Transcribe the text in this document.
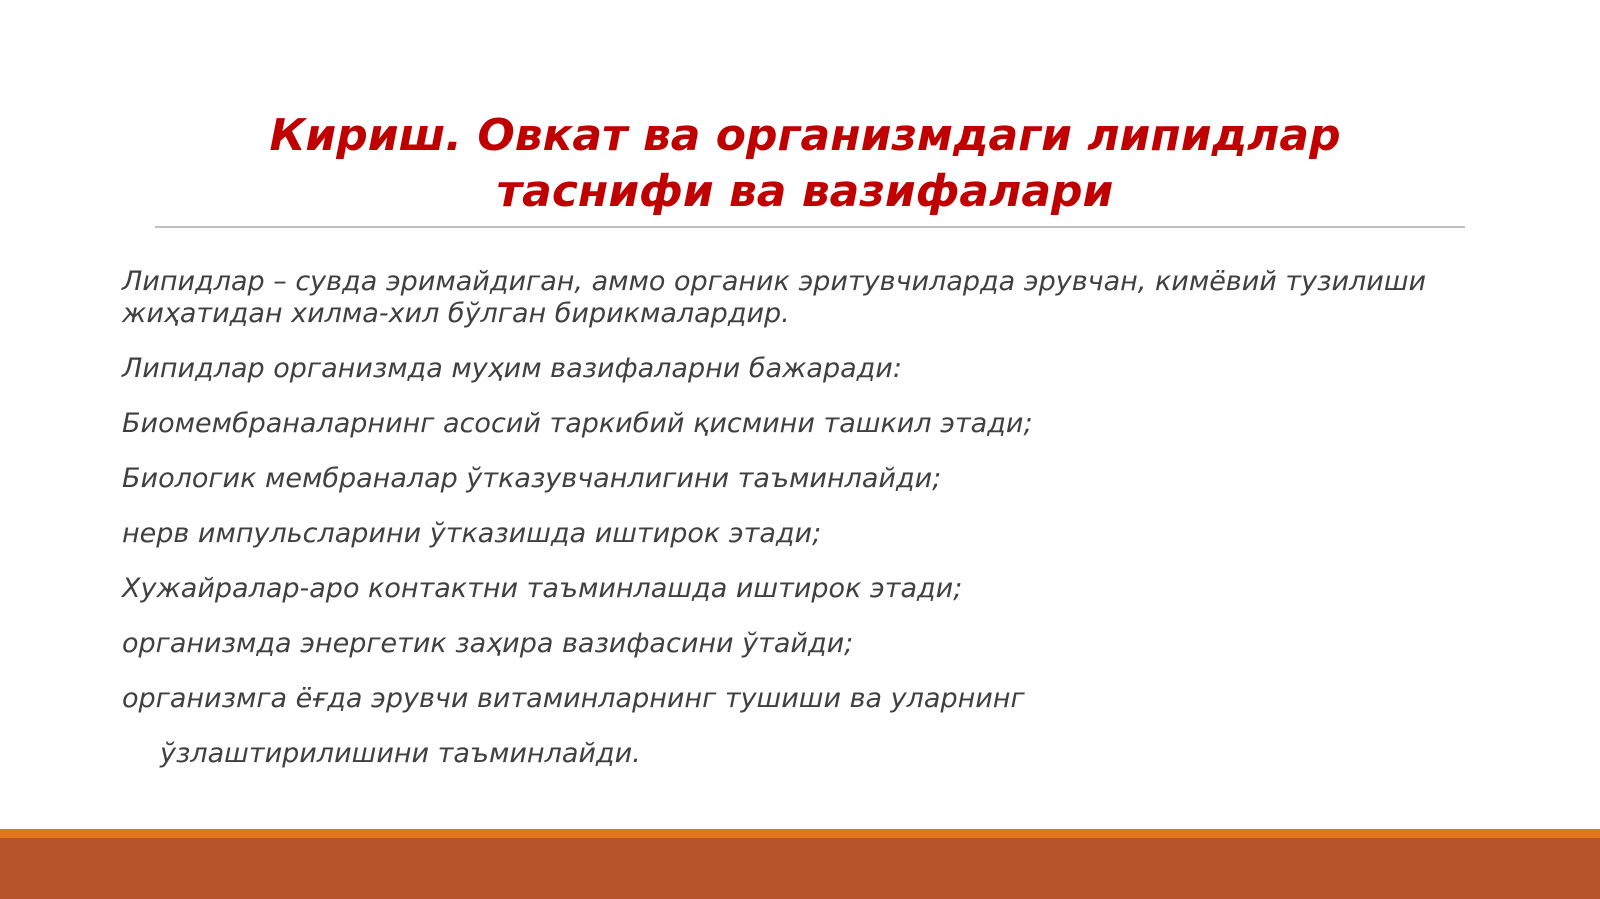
Кириш. Овкат ва организмдаги липидлар
таснифи ва вазифалари

Липидлар – сувда эримайдиган, аммо органик эритувчиларда эрувчан, кимёвий тузилиши жиҳатидан хилма-хил бўлган бирикмалардир.

Липидлар организмда муҳим вазифаларни бажаради:

Биомембраналарнинг асосий таркибий қисмини ташкил этади;

Биологик мембраналар ўтказувчанлигини таъминлайди;

нерв импульсларини ўтказишда иштирок этади;

Хужайралар-аро контактни таъминлашда иштирок этади;

организмда энергетик заҳира вазифасини ўтайди;

организмга ёғда эрувчи витаминларнинг тушиши ва уларнинг

ўзлаштирилишини таъминлайди.
